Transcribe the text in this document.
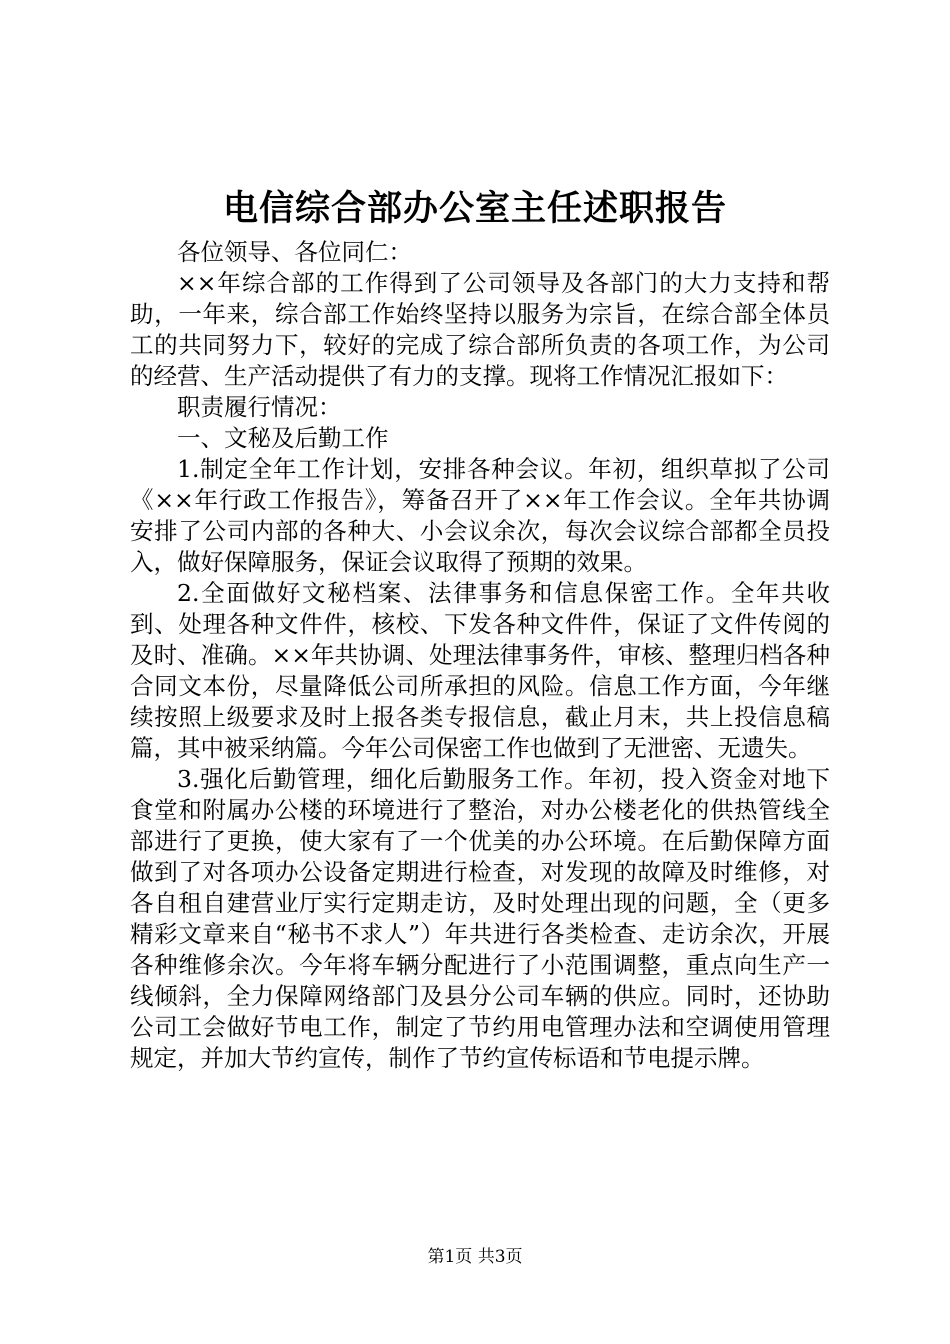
电信综合部办公室主任述职报告

各位领导、各位同仁：

××年综合部的工作得到了公司领导及各部门的大力支持和帮助，一年来，综合部工作始终坚持以服务为宗旨，在综合部全体员工的共同努力下，较好的完成了综合部所负责的各项工作，为公司的经营、生产活动提供了有力的支撑。现将工作情况汇报如下：

职责履行情况：

一、文秘及后勤工作

1.制定全年工作计划，安排各种会议。年初，组织草拟了公司《××年行政工作报告》，筹备召开了××年工作会议。全年共协调安排了公司内部的各种大、小会议余次，每次会议综合部都全员投入，做好保障服务，保证会议取得了预期的效果。

2.全面做好文秘档案、法律事务和信息保密工作。全年共收到、处理各种文件件，核校、下发各种文件件，保证了文件传阅的及时、准确。××年共协调、处理法律事务件，审核、整理归档各种合同文本份，尽量降低公司所承担的风险。信息工作方面，今年继续按照上级要求及时上报各类专报信息，截止月末，共上投信息稿篇，其中被采纳篇。今年公司保密工作也做到了无泄密、无遗失。

3.强化后勤管理，细化后勤服务工作。年初，投入资金对地下食堂和附属办公楼的环境进行了整治，对办公楼老化的供热管线全部进行了更换，使大家有了一个优美的办公环境。在后勤保障方面做到了对各项办公设备定期进行检查，对发现的故障及时维修，对各自租自建营业厅实行定期走访，及时处理出现的问题，全（更多精彩文章来自“秘书不求人”）年共进行各类检查、走访余次，开展各种维修余次。今年将车辆分配进行了小范围调整，重点向生产一线倾斜，全力保障网络部门及县分公司车辆的供应。同时，还协助公司工会做好节电工作，制定了节约用电管理办法和空调使用管理规定，并加大节约宣传，制作了节约宣传标语和节电提示牌。

第1页 共3页
